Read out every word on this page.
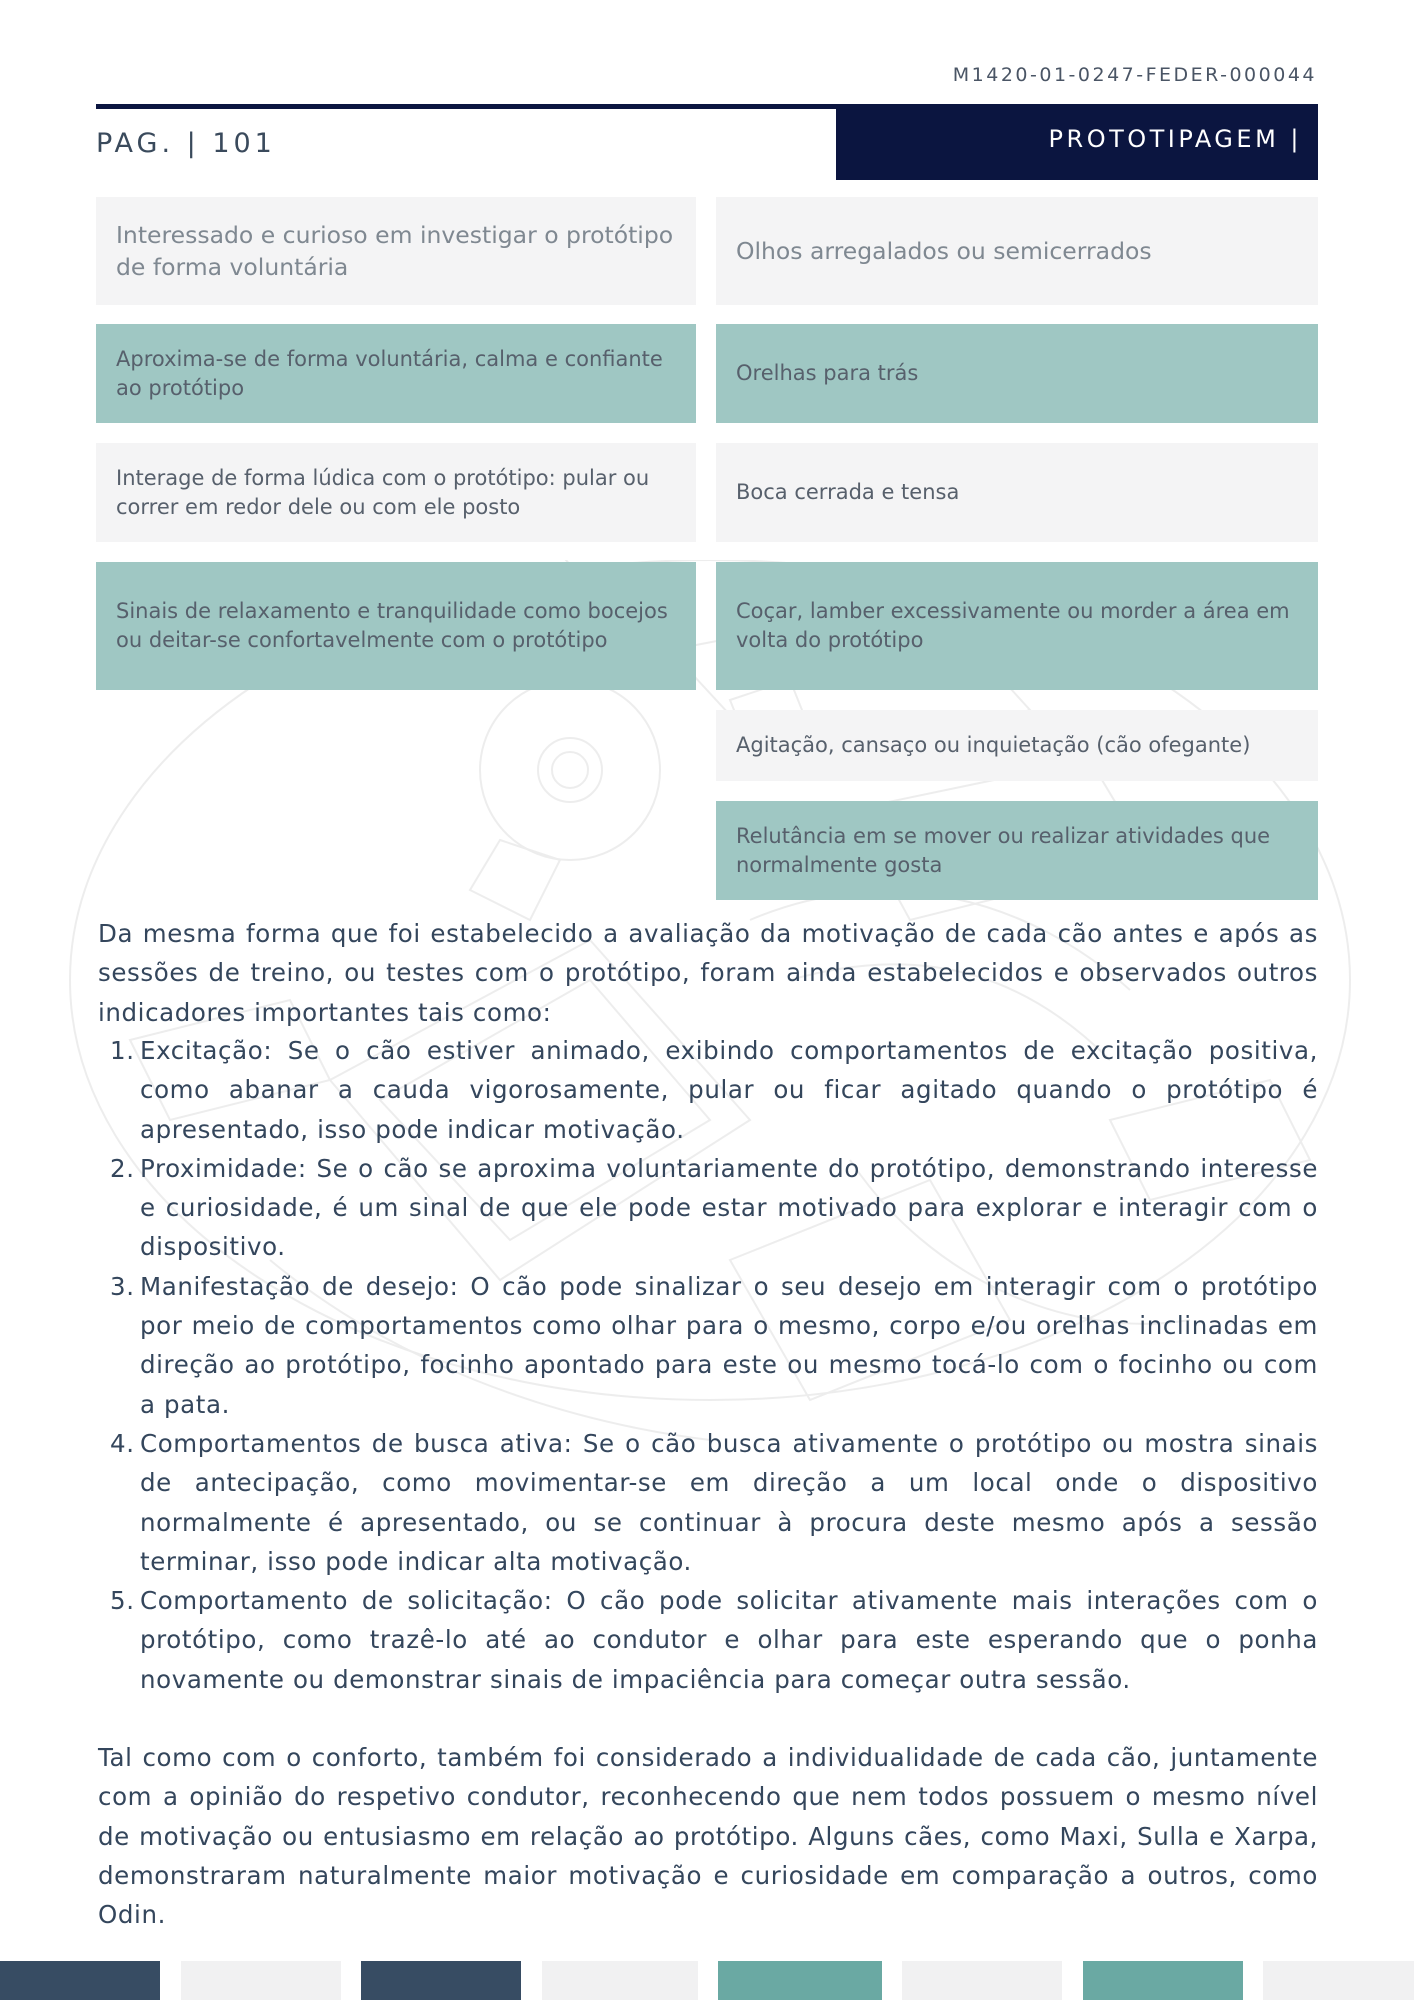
M1420-01-0247-FEDER-000044
PAG. | 101	PROTOTIPAGEM |
Interessado e curioso em investigar o protótipo de forma voluntária
Aproxima-se de forma voluntária, calma e confiante ao protótipo
Interage de forma lúdica com o protótipo: pular ou correr em redor dele ou com ele posto
Sinais de relaxamento e tranquilidade como bocejos ou deitar-se confortavelmente com o protótipo
Olhos arregalados ou semicerrados
Orelhas para trás
Boca cerrada e tensa
Coçar, lamber excessivamente ou morder a área em volta do protótipo
Agitação, cansaço ou inquietação (cão ofegante)
Relutância em se mover ou realizar atividades que normalmente gosta

Da mesma forma que foi estabelecido a avaliação da motivação de cada cão antes e após as sessões de treino, ou testes com o protótipo, foram ainda estabelecidos e observados outros indicadores importantes tais como:

1. Excitação: Se o cão estiver animado, exibindo comportamentos de excitação positiva, como abanar a cauda vigorosamente, pular ou ficar agitado quando o protótipo é apresentado, isso pode indicar motivação.
2. Proximidade: Se o cão se aproxima voluntariamente do protótipo, demonstrando interesse e curiosidade, é um sinal de que ele pode estar motivado para explorar e interagir com o dispositivo.
3. Manifestação de desejo: O cão pode sinalizar o seu desejo em interagir com o protótipo por meio de comportamentos como olhar para o mesmo, corpo e/ou orelhas inclinadas em direção ao protótipo, focinho apontado para este ou mesmo tocá-lo com o focinho ou com a pata.
4. Comportamentos de busca ativa: Se o cão busca ativamente o protótipo ou mostra sinais de antecipação, como movimentar-se em direção a um local onde o dispositivo normalmente é apresentado, ou se continuar à procura deste mesmo após a sessão terminar, isso pode indicar alta motivação.
5. Comportamento de solicitação: O cão pode solicitar ativamente mais interações com o protótipo, como trazê-lo até ao condutor e olhar para este esperando que o ponha novamente ou demonstrar sinais de impaciência para começar outra sessão.

Tal como com o conforto, também foi considerado a individualidade de cada cão, juntamente com a opinião do respetivo condutor, reconhecendo que nem todos possuem o mesmo nível de motivação ou entusiasmo em relação ao protótipo. Alguns cães, como Maxi, Sulla e Xarpa, demonstraram naturalmente maior motivação e curiosidade em comparação a outros, como Odin.
